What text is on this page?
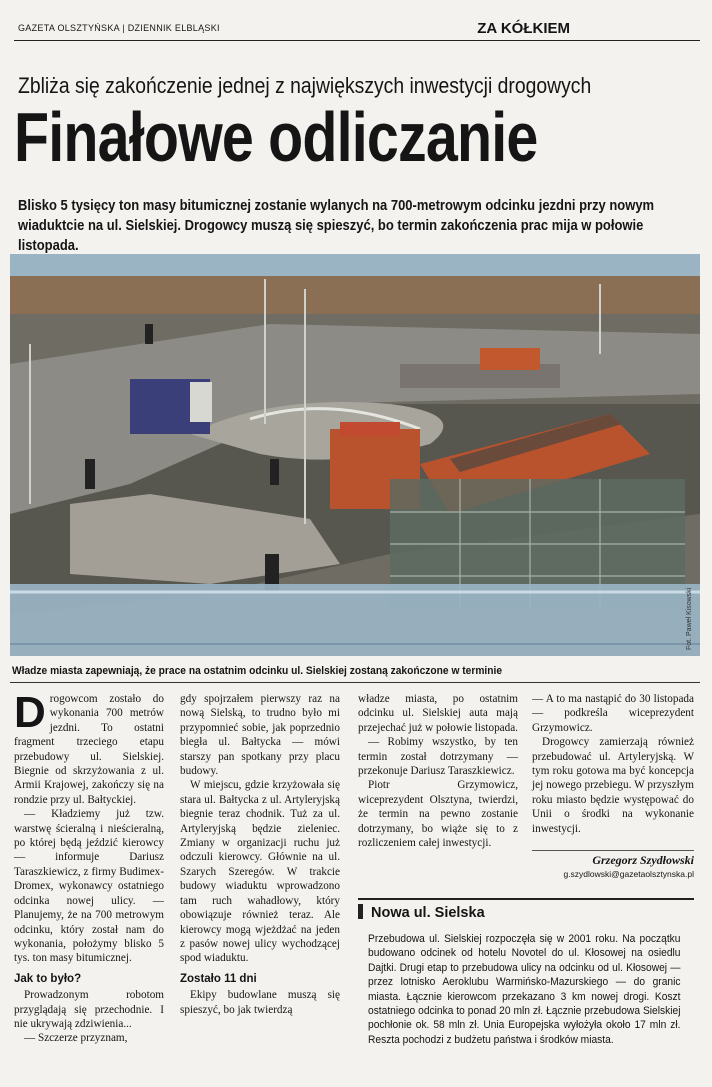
GAZETA OLSZTYŃSKA | DZIENNIK ELBLĄSKI	ZA KÓŁKIEM
Zbliża się zakończenie jednej z największych inwestycji drogowych
Finałowe odliczanie
Blisko 5 tysięcy ton masy bitumicznej zostanie wylanych na 700-metrowym odcinku jezdni przy nowym wiaduktcie na ul. Sielskiej. Drogowcy muszą się spieszyć, bo termin zakończenia prac mija w połowie listopada.
Fot. Paweł Kisowski
Władze miasta zapewniają, że prace na ostatnim odcinku ul. Sielskiej zostaną zakończone w terminie
D rogowcom zostało do wykonania 700 metrów jezdni. To ostatni fragment trzeciego etapu przebudowy ul. Sielskiej. Biegnie od skrzyżowania z ul. Armii Krajowej, zakończy się na rondzie przy ul. Bałtyckiej.

— Kładziemy już tzw. warstwę ścieralną i nieścieralną, po której będą jeździć kierowcy — informuje Dariusz Taraszkiewicz, z firmy Budimex-Dromex, wykonawcy ostatniego odcinka nowej ulicy. — Planujemy, że na 700 metrowym odcinku, który został nam do wykonania, położymy blisko 5 tys. ton masy bitumicznej.

Jak to było?

Prowadzonym robotom przyglądają się przechodnie. I nie ukrywają zdziwienia...

— Szczerze przyznam,

gdy spojrzałem pierwszy raz na nową Sielską, to trudno było mi przypomnieć sobie, jak poprzednio biegła ul. Bałtycka — mówi starszy pan spotkany przy placu budowy.

W miejscu, gdzie krzyżowała się stara ul. Bałtycka z ul. Artyleryjską biegnie teraz chodnik. Tuż za ul. Artyleryjską będzie zieleniec. Zmiany w organizacji ruchu już odczuli kierowcy. Głównie na ul. Szarych Szeregów. W trakcie budowy wiaduktu wprowadzono tam ruch wahadłowy, który obowiązuje również teraz. Ale kierowcy mogą wjeżdżać na jeden z pasów nowej ulicy wychodzącej spod wiaduktu.

Zostało 11 dni

Ekipy budowlane muszą się spieszyć, bo jak twierdzą

władze miasta, po ostatnim odcinku ul. Sielskiej auta mają przejechać już w połowie listopada.

— Robimy wszystko, by ten termin został dotrzymany — przekonuje Dariusz Taraszkiewicz.

Piotr Grzymowicz, wiceprezydent Olsztyna, twierdzi, że termin na pewno zostanie dotrzymany, bo wiąże się to z rozliczeniem całej inwestycji.

— A to ma nastąpić do 30 listopada — podkreśla wiceprezydent Grzymowicz.

Drogowcy zamierzają również przebudować ul. Artyleryjską. W tym roku gotowa ma być koncepcja jej nowego przebiegu. W przyszłym roku miasto będzie występować do Unii o środki na wykonanie inwestycji.

Grzegorz Szydłowski
g.szydlowski@gazetaolsztynska.pl
Nowa ul. Sielska
Przebudowa ul. Sielskiej rozpoczęła się w 2001 roku. Na początku budowano odcinek od hotelu Novotel do ul. Kłosowej na osiedlu Dajtki. Drugi etap to przebudowa ulicy na odcinku od ul. Kłosowej — przez lotnisko Aeroklubu Warmińsko-Mazurskiego — do granic miasta. Łącznie kierowcom przekazano 3 km nowej drogi. Koszt ostatniego odcinka to ponad 20 mln zł. Łącznie przebudowa Sielskiej pochłonie ok. 58 mln zł. Unia Europejska wyłożyła około 17 mln zł. Reszta pochodzi z budżetu państwa i środków miasta.
